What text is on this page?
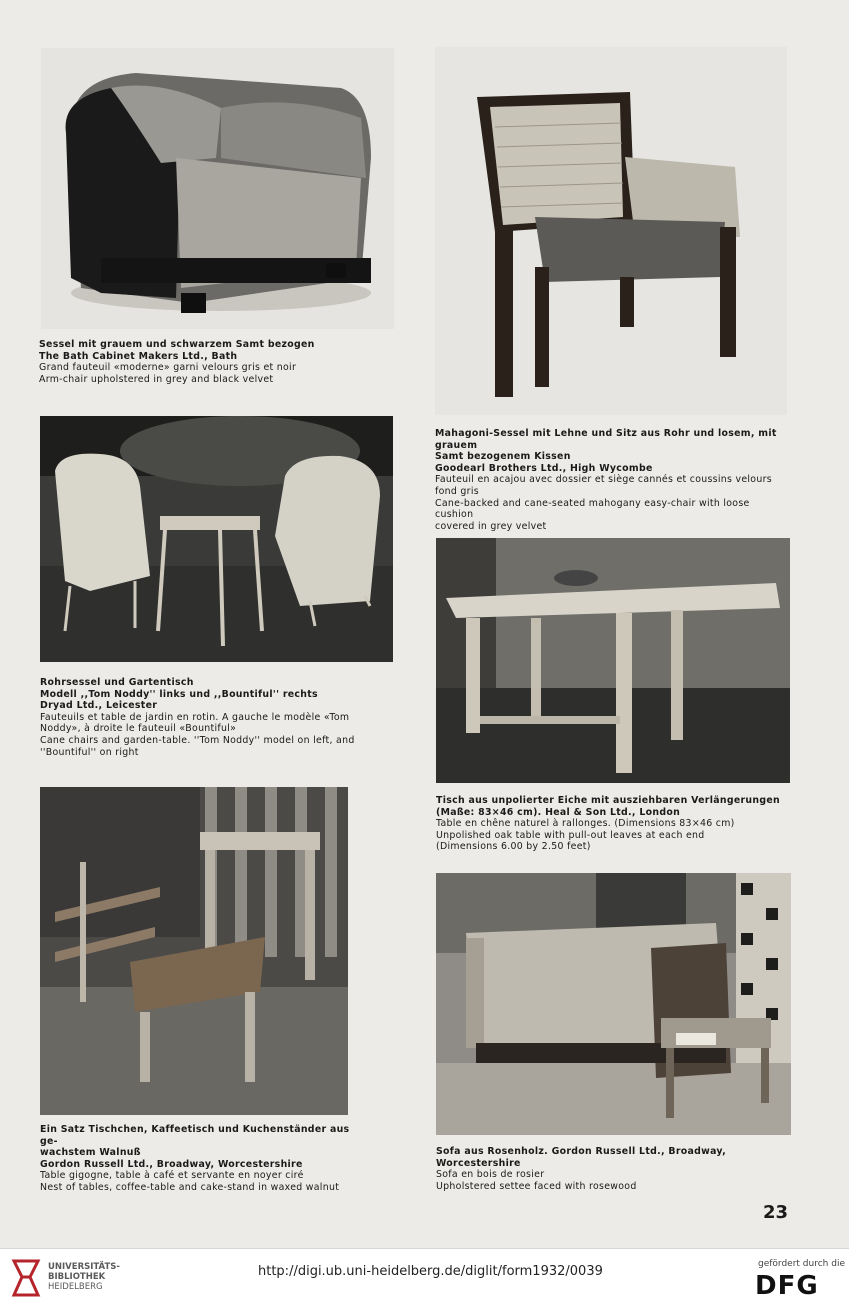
Sessel mit grauem und schwarzem Samt bezogen
The Bath Cabinet Makers Ltd., Bath
Grand fauteuil «moderne» garni velours gris et noir
Arm-chair upholstered in grey and black velvet
Mahagoni-Sessel mit Lehne und Sitz aus Rohr und losem, mit grauem
Samt bezogenem Kissen
Goodearl Brothers Ltd., High Wycombe
Fauteuil en acajou avec dossier et siège cannés et coussins velours
fond gris
Cane-backed and cane-seated mahogany easy-chair with loose cushion
covered in grey velvet
Rohrsessel und Gartentisch
Modell ,,Tom Noddy'' links und ,,Bountiful'' rechts
Dryad Ltd., Leicester
Fauteuils et table de jardin en rotin. A gauche le modèle «Tom
Noddy», à droite le fauteuil «Bountiful»
Cane chairs and garden-table. ''Tom Noddy'' model on left, and
''Bountiful'' on right
Tisch aus unpolierter Eiche mit ausziehbaren Verlängerungen
(Maße: 83×46 cm). Heal & Son Ltd., London
Table en chêne naturel à rallonges. (Dimensions 83×46 cm)
Unpolished oak table with pull-out leaves at each end
(Dimensions 6.00 by 2.50 feet)
Ein Satz Tischchen, Kaffeetisch und Kuchenständer aus ge-
wachstem Walnuß
Gordon Russell Ltd., Broadway, Worcestershire
Table gigogne, table à café et servante en noyer ciré
Nest of tables, coffee-table and cake-stand in waxed walnut
Sofa aus Rosenholz. Gordon Russell Ltd., Broadway, Worcestershire
Sofa en bois de rosier
Upholstered settee faced with rosewood
23
UNIVERSITÄTS-
BIBLIOTHEK
HEIDELBERG
http://digi.ub.uni-heidelberg.de/diglit/form1932/0039	gefördert durch die
DFG
